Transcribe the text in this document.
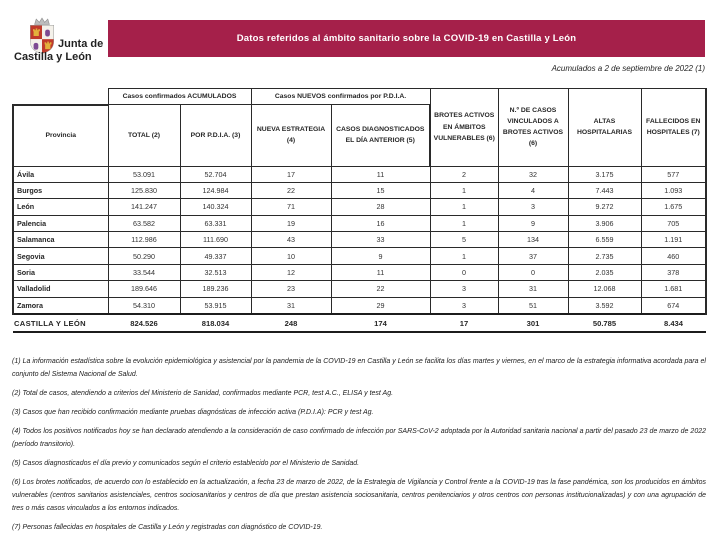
Junta de
Castilla y León
Datos referidos al ámbito sanitario sobre la COVID-19 en Castilla y León
Acumulados a 2 de septiembre de 2022 (1)
	Casos confirmados ACUMULADOS		Casos NUEVOS confirmados por P.D.I.A.		BROTES ACTIVOS EN ÁMBITOS VULNERABLES (6)	N.º DE CASOS VINCULADOS A BROTES ACTIVOS (6)	ALTAS HOSPITALARIAS	FALLECIDOS EN HOSPITALES (7)
Provincia	TOTAL (2)	POR P.D.I.A. (3)	NUEVA ESTRATEGIA (4)	CASOS DIAGNOSTICADOS EL DÍA ANTERIOR (5)				
Ávila	53.091	52.704	17	11	2	32	3.175	577
Burgos	125.830	124.984	22	15	1	4	7.443	1.093
León	141.247	140.324	71	28	1	3	9.272	1.675
Palencia	63.582	63.331	19	16	1	9	3.906	705
Salamanca	112.986	111.690	43	33	5	134	6.559	1.191
Segovia	50.290	49.337	10	9	1	37	2.735	460
Soria	33.544	32.513	12	11	0	0	2.035	378
Valladolid	189.646	189.236	23	22	3	31	12.068	1.681
Zamora	54.310	53.915	31	29	3	51	3.592	674
CASTILLA Y LEÓN	824.526	818.034	248	174	17	301	50.785	8.434

(1) La información estadística sobre la evolución epidemiológica y asistencial por la pandemia de la COVID-19 en Castilla y León se facilita los días martes y viernes, en el marco de la estrategia informativa acordada para el conjunto del Sistema Nacional de Salud.

(2) Total de casos, atendiendo a criterios del Ministerio de Sanidad, confirmados mediante PCR, test A.C., ELISA y test Ag.

(3) Casos que han recibido confirmación mediante pruebas diagnósticas de infección activa (P.D.I.A): PCR y test Ag.

(4) Todos los positivos notificados hoy se han declarado atendiendo a la consideración de caso confirmado de infección por SARS-CoV-2 adoptada por la Autoridad sanitaria nacional a partir del pasado 23 de marzo de 2022 (período transitorio).

(5) Casos diagnosticados el día previo y comunicados según el criterio establecido por el Ministerio de Sanidad.

(6) Los brotes notificados, de acuerdo con lo establecido en la actualización, a fecha 23 de marzo de 2022, de la Estrategia de Vigilancia y Control frente a la COVID-19 tras la fase pandémica, son los producidos en ámbitos vulnerables (centros sanitarios asistenciales, centros sociosanitarios y centros de día que prestan asistencia sociosanitaria, centros penitenciarios y otros centros con personas institucionalizadas) y con una agrupación de tres o más casos vinculados a los entornos indicados.

(7) Personas fallecidas en hospitales de Castilla y León y registradas con diagnóstico de COVID-19.
